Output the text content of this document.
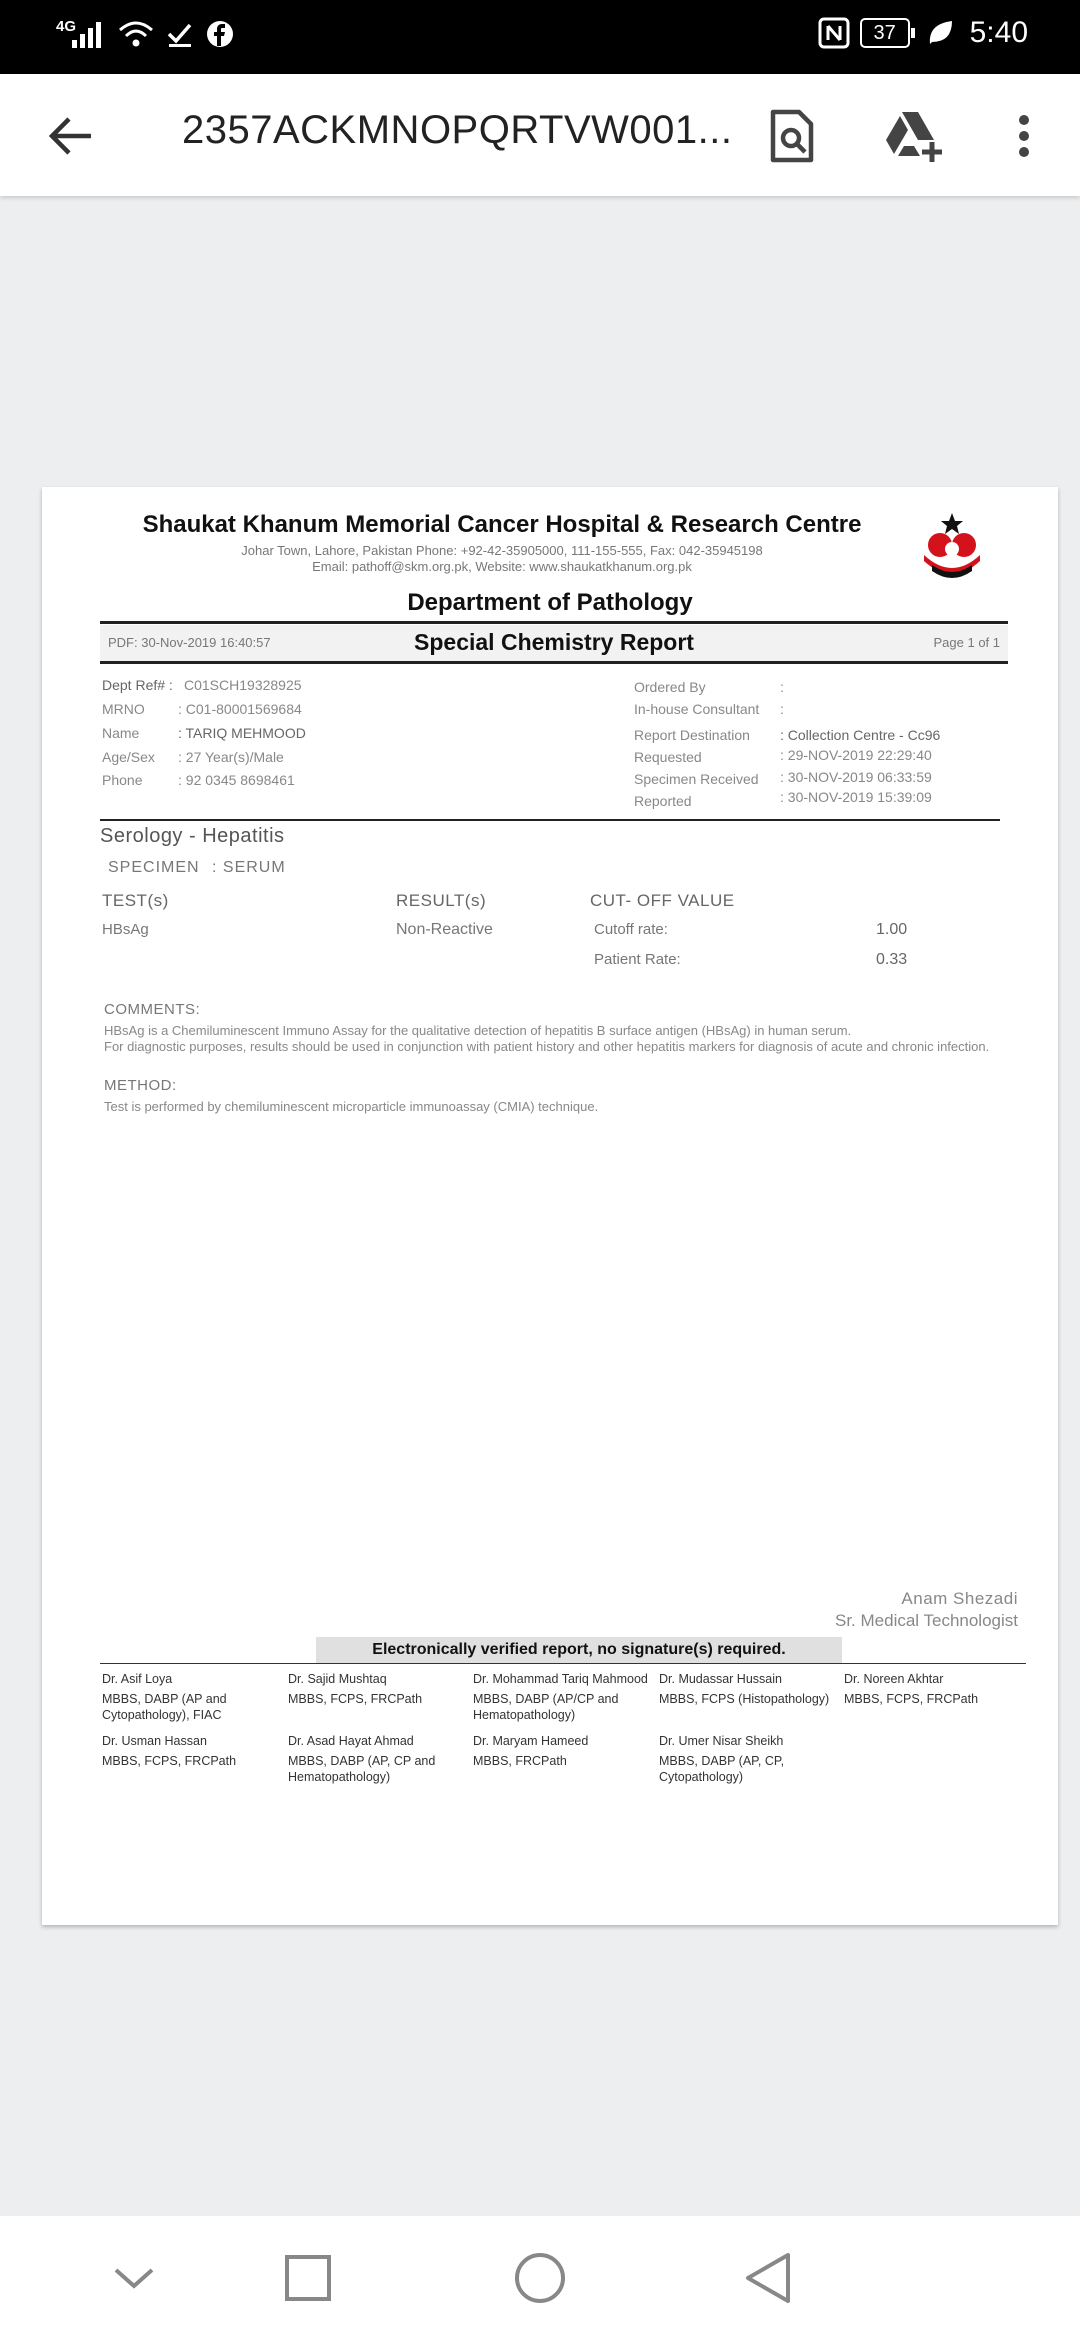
4G	37	5:40
2357ACKMNOPQRTVW001...
Shaukat Khanum Memorial Cancer Hospital & Research Centre
Johar Town, Lahore, Pakistan Phone: +92-42-35905000, 111-155-555, Fax: 042-35945198
Email: pathoff@skm.org.pk, Website: www.shaukatkhanum.org.pk
Department of Pathology
PDF: 30-Nov-2019 16:40:57	Special Chemistry Report	Page 1 of 1
Dept Ref# : C01SCH19328925
MRNO : C01-80001569684
Name	: TARIQ MEHMOOD
Age/Sex : 27 Year(s)/Male
Phone	: 92 0345 8698461
Ordered By	:
In-house Consultant :
Report Destination : Collection Centre - Cc96
Requested	: 29-NOV-2019 22:29:40
Specimen Received : 30-NOV-2019 06:33:59
Reported	: 30-NOV-2019 15:39:09
Serology - Hepatitis
SPECIMEN : SERUM
TEST(s)	RESULT(s)	CUT- OFF VALUE
HBsAg	Non-Reactive	Cutoff rate:	1.00
Patient Rate:	0.33
COMMENTS:
HBsAg is a Chemiluminescent Immuno Assay for the qualitative detection of hepatitis B surface antigen (HBsAg) in human serum.
For diagnostic purposes, results should be used in conjunction with patient history and other hepatitis markers for diagnosis of acute and chronic infection.
METHOD:
Test is performed by chemiluminescent microparticle immunoassay (CMIA) technique.
Anam Shezadi
Sr. Medical Technologist
Electronically verified report, no signature(s) required.
Dr. Asif Loya
MBBS, DABP (AP and Cytopathology), FIAC
Dr. Sajid Mushtaq
MBBS, FCPS, FRCPath
Dr. Mohammad Tariq Mahmood
MBBS, DABP (AP/CP and Hematopathology)
Dr. Mudassar Hussain
MBBS, FCPS (Histopathology)
Dr. Noreen Akhtar
MBBS, FCPS, FRCPath
Dr. Usman Hassan
MBBS, FCPS, FRCPath
Dr. Asad Hayat Ahmad
MBBS, DABP (AP, CP and Hematopathology)
Dr. Maryam Hameed
MBBS, FRCPath
Dr. Umer Nisar Sheikh
MBBS, DABP (AP, CP, Cytopathology)
